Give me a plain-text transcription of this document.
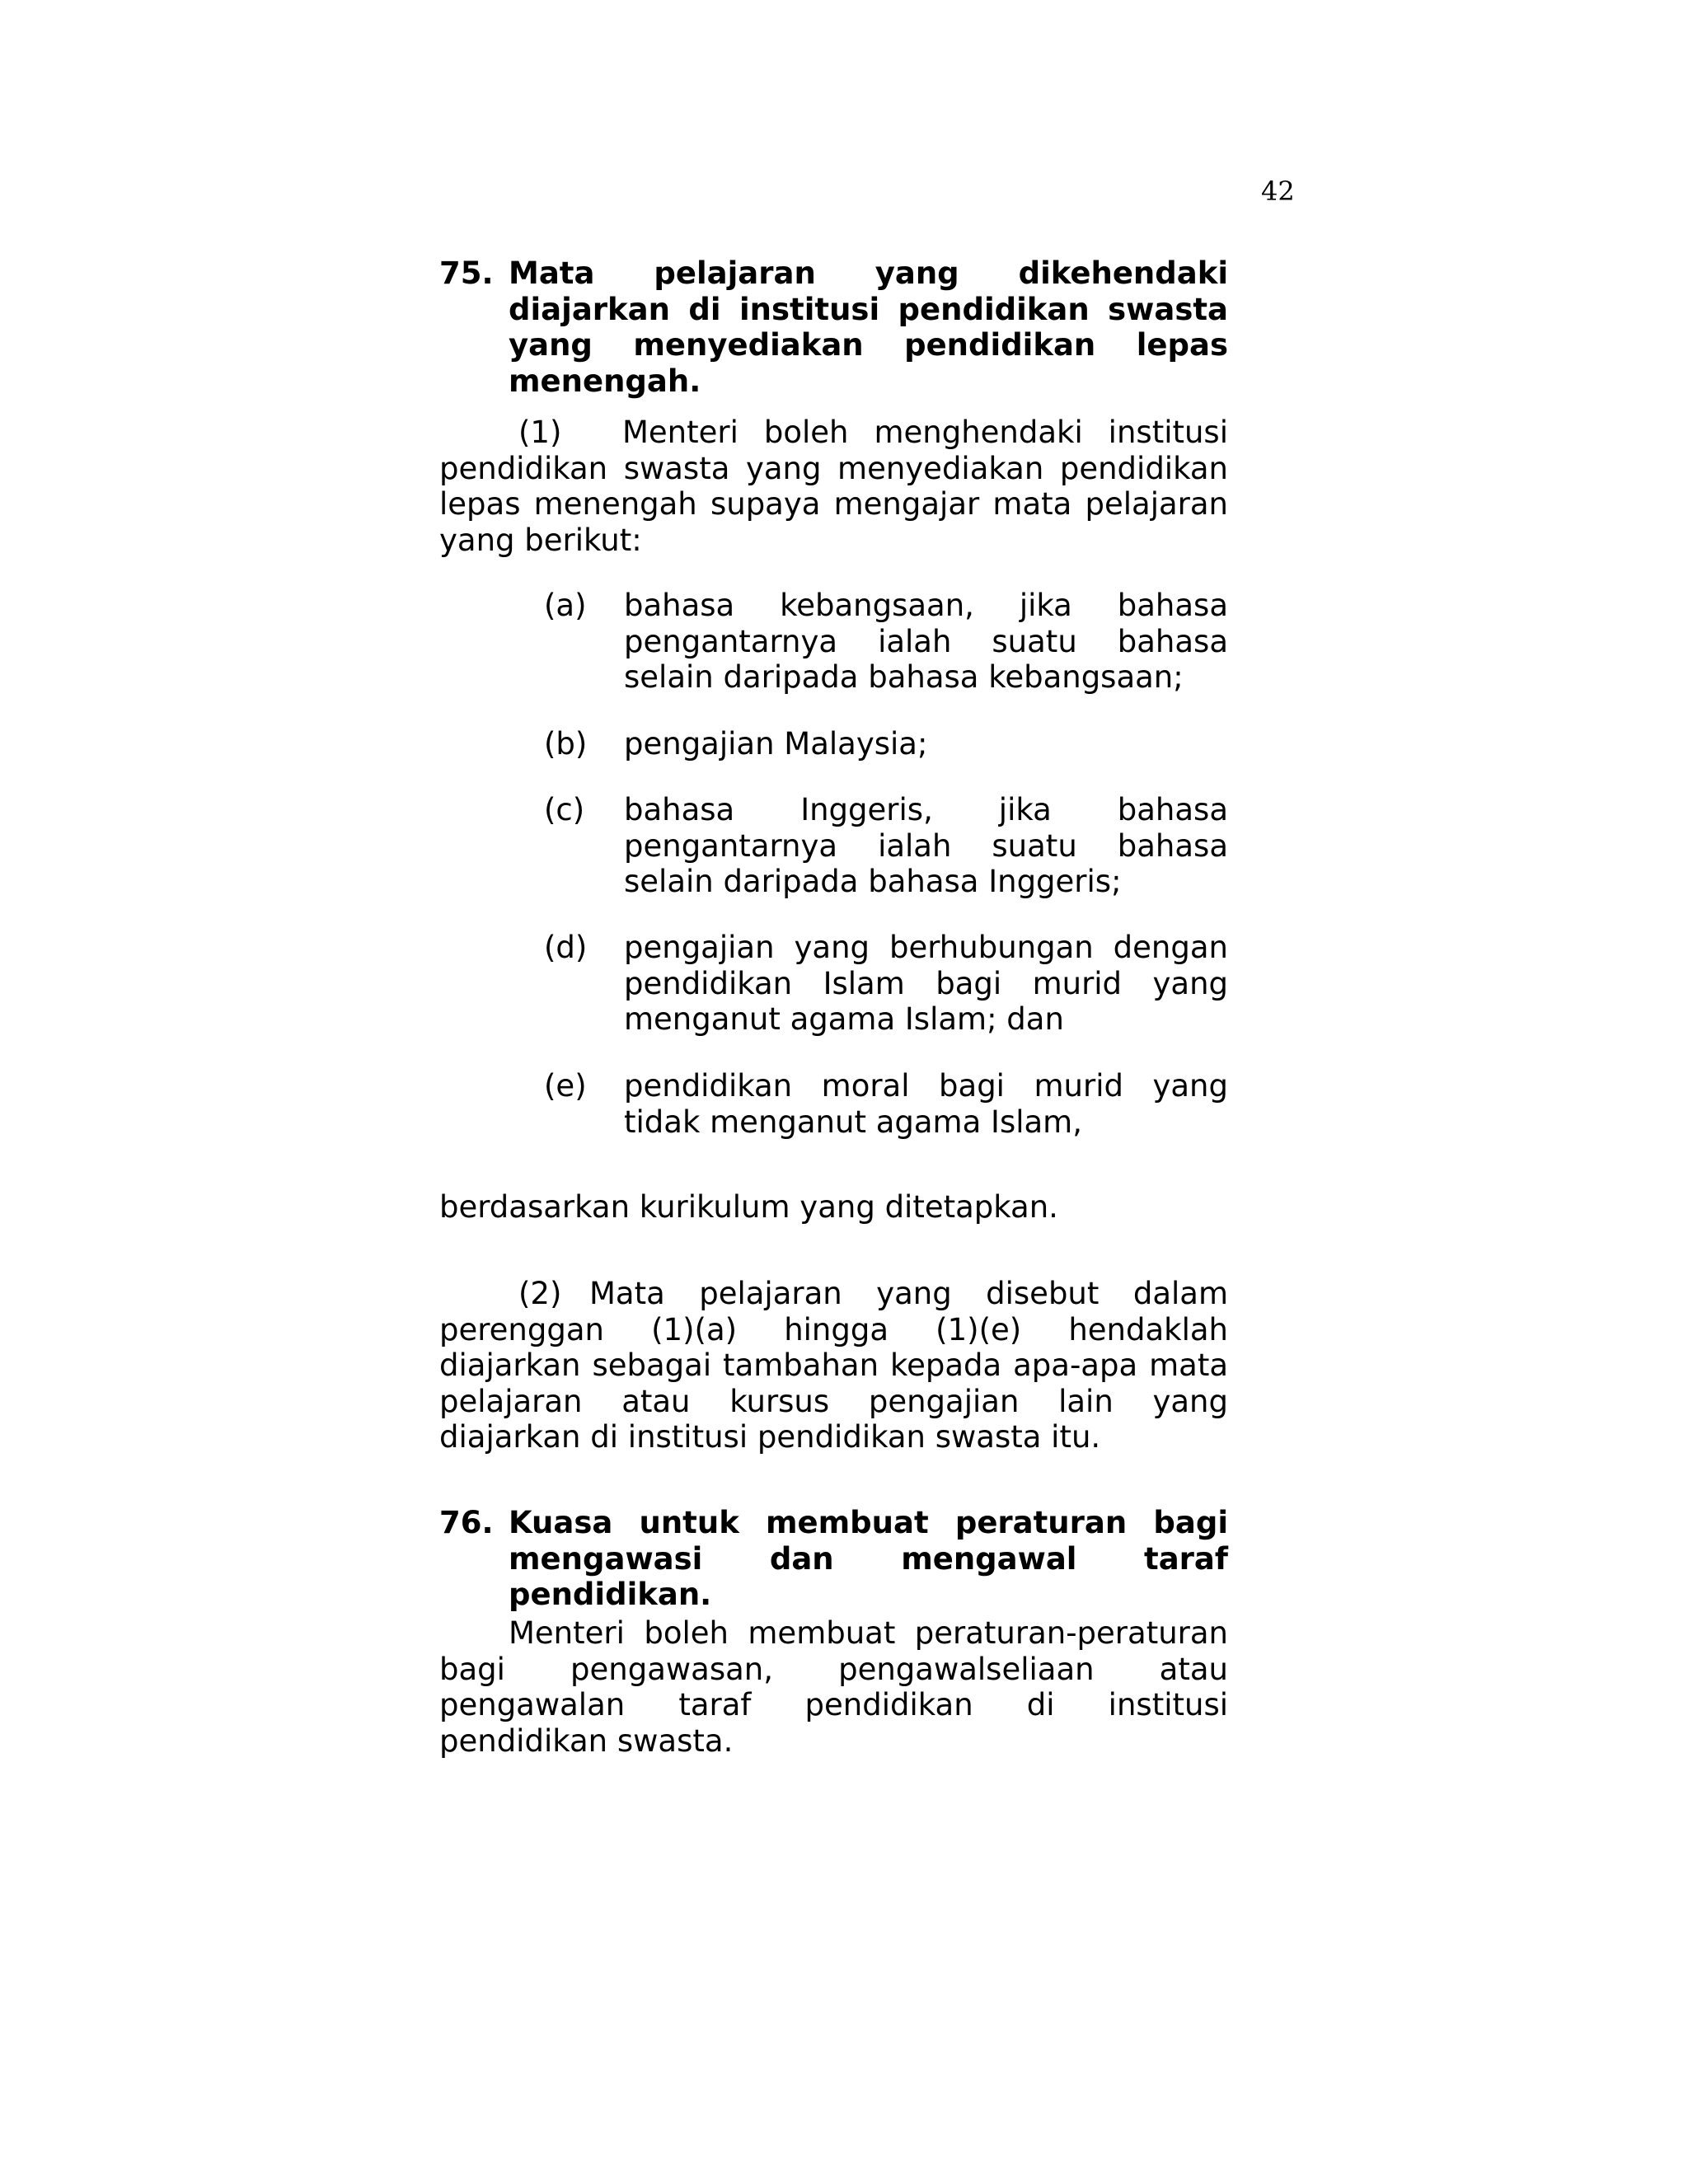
42
75. Mata pelajaran yang dikehendaki diajarkan di institusi pendidikan swasta yang menyediakan pendidikan lepas menengah.
(1) Menteri boleh menghendaki institusi pendidikan swasta yang menyediakan pendidikan lepas menengah supaya mengajar mata pelajaran yang berikut:
(a)	bahasa kebangsaan, jika bahasa pengantarnya ialah suatu bahasa selain daripada bahasa kebangsaan;
(b)	pengajian Malaysia;
(c)	bahasa Inggeris, jika bahasa pengantarnya ialah suatu bahasa selain daripada bahasa Inggeris;
(d)	pengajian yang berhubungan dengan pendidikan Islam bagi murid yang menganut agama Islam; dan
(e)	pendidikan moral bagi murid yang tidak menganut agama Islam,
berdasarkan kurikulum yang ditetapkan.
(2) Mata pelajaran yang disebut dalam perenggan (1)(a) hingga (1)(e) hendaklah diajarkan sebagai tambahan kepada apa-apa mata pelajaran atau kursus pengajian lain yang diajarkan di institusi pendidikan swasta itu.
76. Kuasa untuk membuat peraturan bagi mengawasi dan mengawal taraf pendidikan.
Menteri boleh membuat peraturan-peraturan bagi pengawasan, pengawalseliaan atau pengawalan taraf pendidikan di institusi pendidikan swasta.
